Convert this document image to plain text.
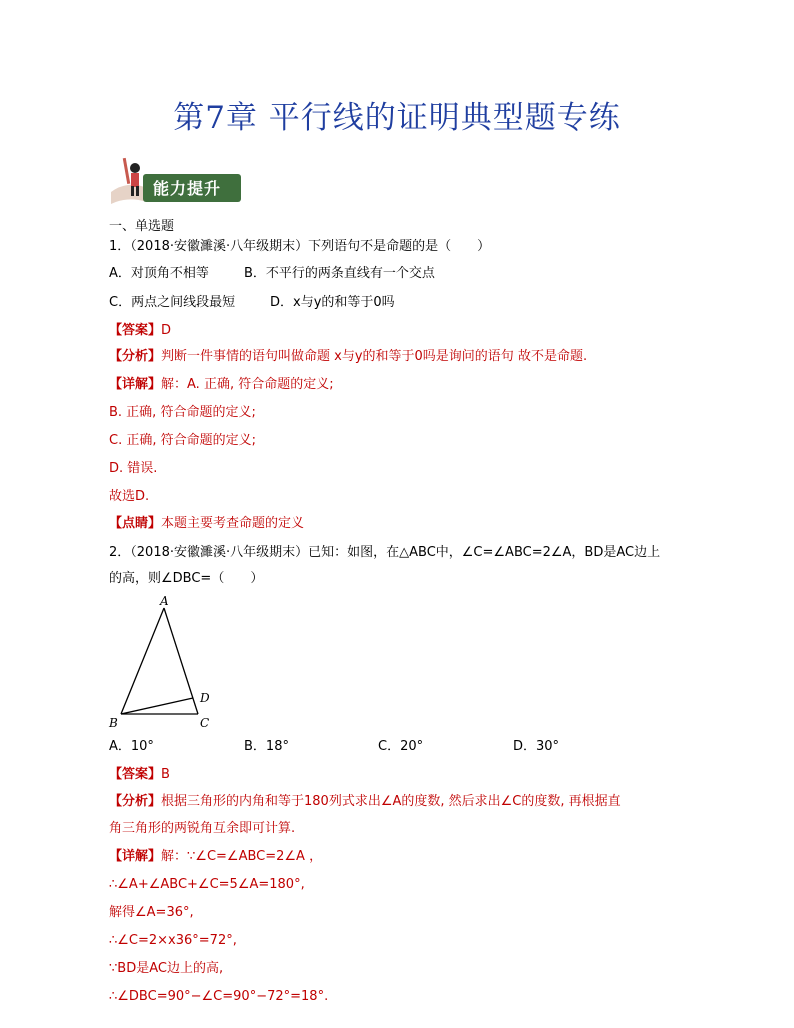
第7章 平行线的证明典型题专练
能力提升
一、单选题
1．（2018·安徽濉溪·八年级期末）下列语句不是命题的是（　　）
A．对顶角不相等	B．不平行的两条直线有一个交点
C．两点之间线段最短	D．x与y的和等于0吗
【答案】D
【分析】判断一件事情的语句叫做命题 x与y的和等于0吗是询问的语句 故不是命题.
【详解】解：A. 正确, 符合命题的定义;
B. 正确, 符合命题的定义;
C. 正确, 符合命题的定义;
D. 错误.
故选D.
【点睛】本题主要考查命题的定义
2．（2018·安徽濉溪·八年级期末）已知：如图，在△ABC中，∠C=∠ABC=2∠A，BD是AC边上
的高，则∠DBC=（　　）
A
B	C
D
A．10°	B．18°	C．20°	D．30°
【答案】B
【分析】根据三角形的内角和等于180列式求出∠A的度数, 然后求出∠C的度数, 再根据直
角三角形的两锐角互余即可计算.
【详解】解：∵∠C=∠ABC=2∠A ，
∴∠A+∠ABC+∠C=5∠A=180°,
解得∠A=36°,
∴∠C=2×x36°=72°,
∵BD是AC边上的高,
∴∠DBC=90°−∠C=90°−72°=18°.
